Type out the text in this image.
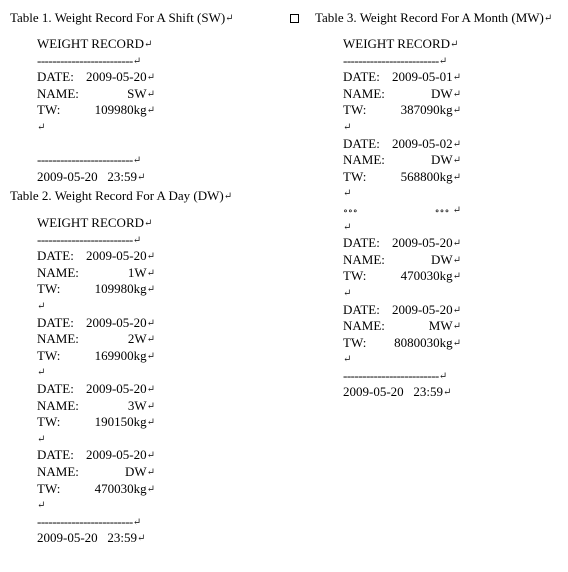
Table 1. Weight Record For A Shift (SW)↵
WEIGHT RECORD↵
-------------------------↵
DATE: 2009-05-20↵
NAME:	SW↵
TW:	109980kg↵
↵
-------------------------↵
2009-05-20   23:59↵
Table 2. Weight Record For A Day (DW)↵
WEIGHT RECORD↵
-------------------------↵
DATE: 2009-05-20↵
NAME:	1W↵
TW:	109980kg↵
↵
DATE: 2009-05-20↵
NAME:	2W↵
TW:	169900kg↵
↵
DATE: 2009-05-20↵
NAME:	3W↵
TW:	190150kg↵
↵
DATE: 2009-05-20↵
NAME:	DW↵
TW:	470030kg↵
↵
-------------------------↵
2009-05-20   23:59↵
Table 3. Weight Record For A Month (MW)↵
WEIGHT RECORD↵
-------------------------↵
DATE: 2009-05-01↵
NAME:	DW↵
TW:	387090kg↵
↵
DATE: 2009-05-02↵
NAME:	DW↵
TW:	568800kg↵
↵
∘∘∘	∘∘∘ ↵
↵
DATE: 2009-05-20↵
NAME:	DW↵
TW:	470030kg↵
↵
DATE: 2009-05-20↵
NAME:	MW↵
TW: 8080030kg↵
↵
-------------------------↵
2009-05-20   23:59↵
